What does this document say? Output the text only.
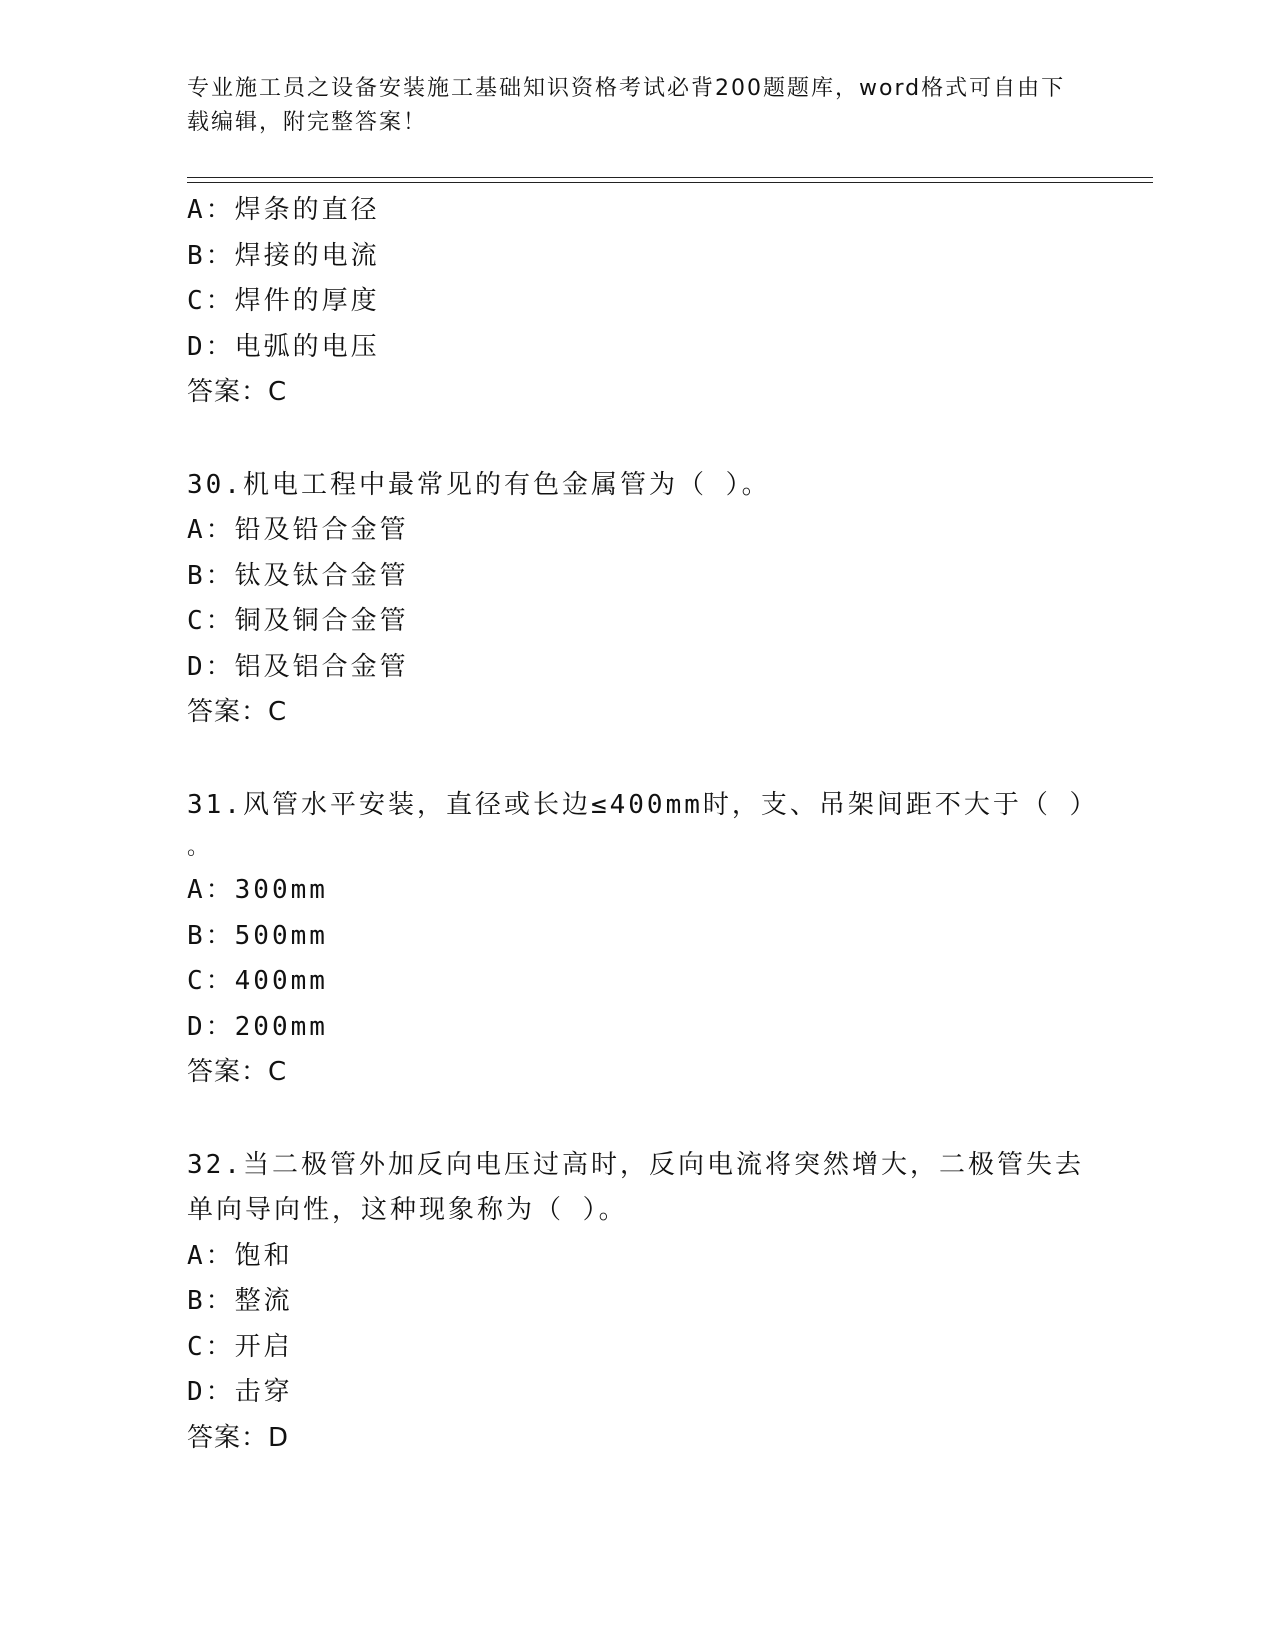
专业施工员之设备安装施工基础知识资格考试必背200题题库，word格式可自由下载编辑，附完整答案！
A：焊条的直径
B：焊接的电流
C：焊件的厚度
D：电弧的电压
答案：C
30.机电工程中最常见的有色金属管为（ ）。
A：铅及铅合金管
B：钛及钛合金管
C：铜及铜合金管
D：铝及铝合金管
答案：C
31.风管水平安装，直径或长边≤400mm时，支、吊架间距不大于（ ）
。
A：300mm
B：500mm
C：400mm
D：200mm
答案：C
32.当二极管外加反向电压过高时，反向电流将突然增大，二极管失去
单向导向性，这种现象称为（ ）。
A：饱和
B：整流
C：开启
D：击穿
答案：D
